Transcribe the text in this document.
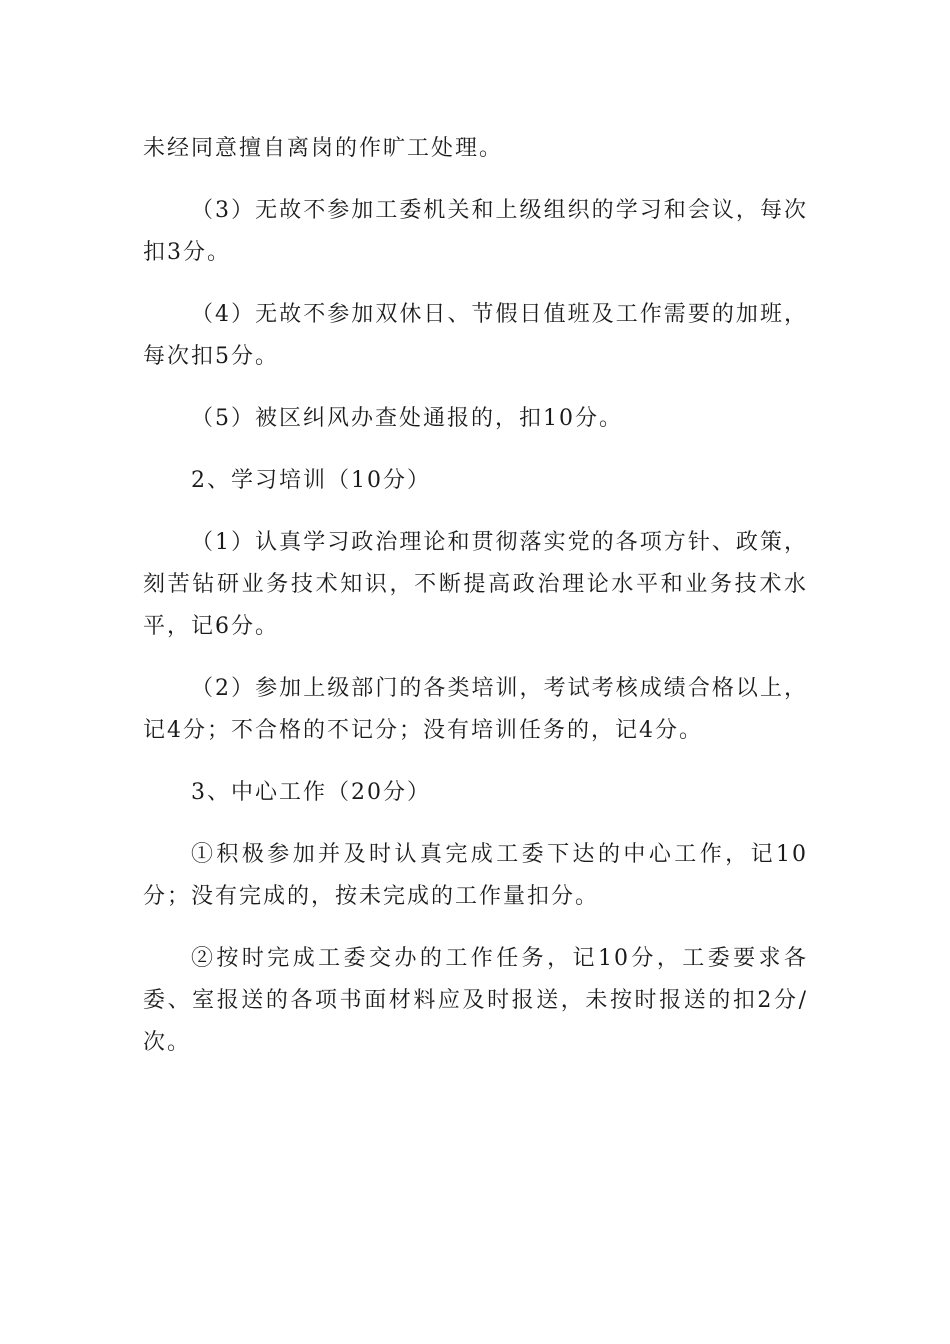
未经同意擅自离岗的作旷工处理。

（3）无故不参加工委机关和上级组织的学习和会议，每次扣3分。

（4）无故不参加双休日、节假日值班及工作需要的加班，每次扣5分。

（5）被区纠风办查处通报的，扣10分。

2、学习培训（10分）

（1）认真学习政治理论和贯彻落实党的各项方针、政策，刻苦钻研业务技术知识，不断提高政治理论水平和业务技术水平，记6分。

（2）参加上级部门的各类培训，考试考核成绩合格以上，记4分；不合格的不记分；没有培训任务的，记4分。

3、中心工作（20分）

①积极参加并及时认真完成工委下达的中心工作，记10分；没有完成的，按未完成的工作量扣分。

②按时完成工委交办的工作任务，记10分，工委要求各委、室报送的各项书面材料应及时报送，未按时报送的扣2分/次。
